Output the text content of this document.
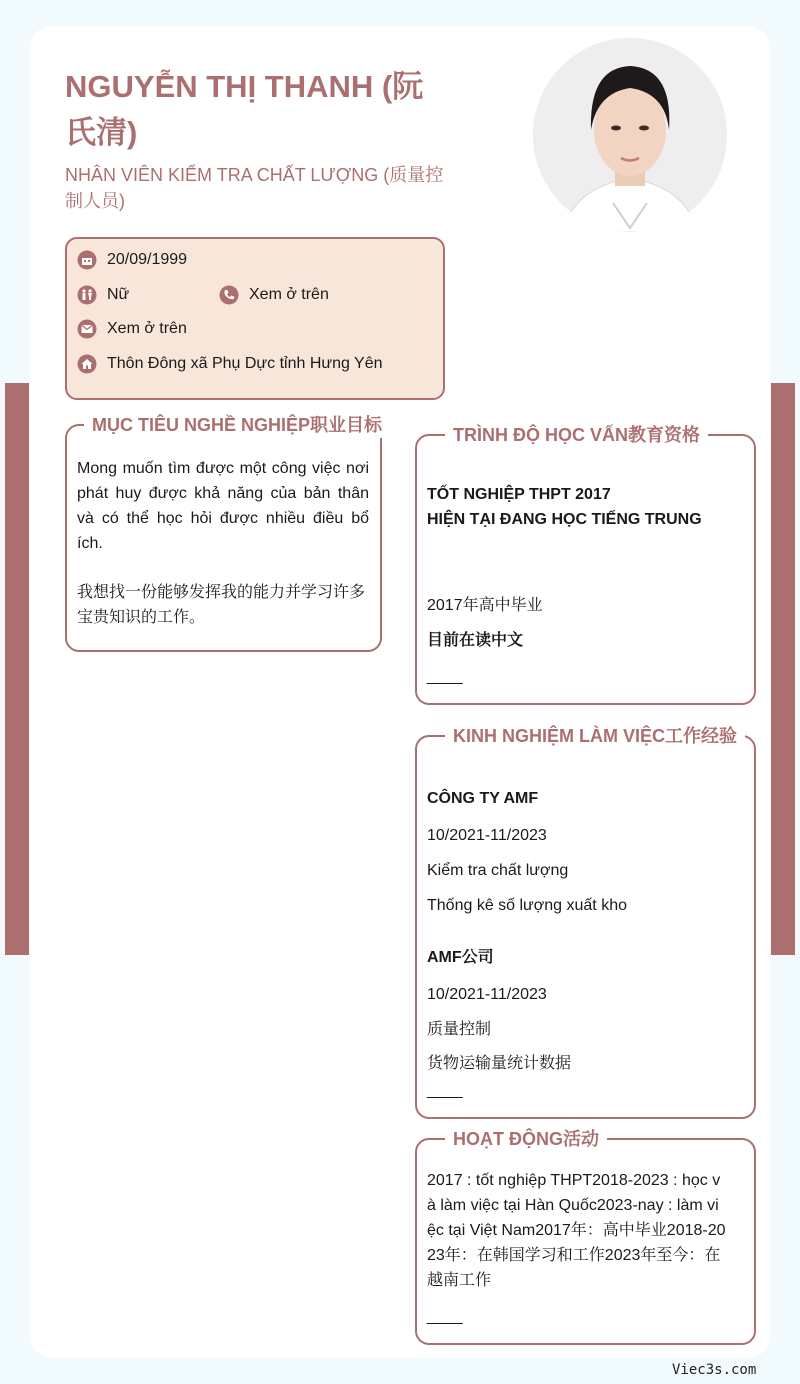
NGUYỄN THỊ THANH (阮氏清)
NHÂN VIÊN KIỂM TRA CHẤT LƯỢNG (质量控制人员)
20/09/1999
Nữ	Xem ở trên
Xem ở trên
Thôn Đông xã Phụ Dực tỉnh Hưng Yên
MỤC TIÊU NGHỀ NGHIỆP职业目标
Mong muốn tìm được một công việc nơi phát huy được khả năng của bản thân và có thể học hỏi được nhiều điều bổ ích.
我想找一份能够发挥我的能力并学习许多宝贵知识的工作。
TRÌNH ĐỘ HỌC VẤN教育资格
TỐT NGHIỆP THPT 2017
HIỆN TẠI ĐANG HỌC TIẾNG TRUNG
2017年高中毕业
目前在读中文
____
KINH NGHIỆM LÀM VIỆC工作经验
CÔNG TY AMF
10/2021-11/2023
Kiểm tra chất lượng
Thống kê số lượng xuất kho
AMF公司
10/2021-11/2023
质量控制
货物运输量统计数据
____
HOẠT ĐỘNG活动
2017 : tốt nghiệp THPT2018-2023 : học và làm việc tại Hàn Quốc2023-nay : làm việc tại Việt Nam2017年：高中毕业2018-2023年：在韩国学习和工作2023年至今：在越南工作
____
Viec3s.com
